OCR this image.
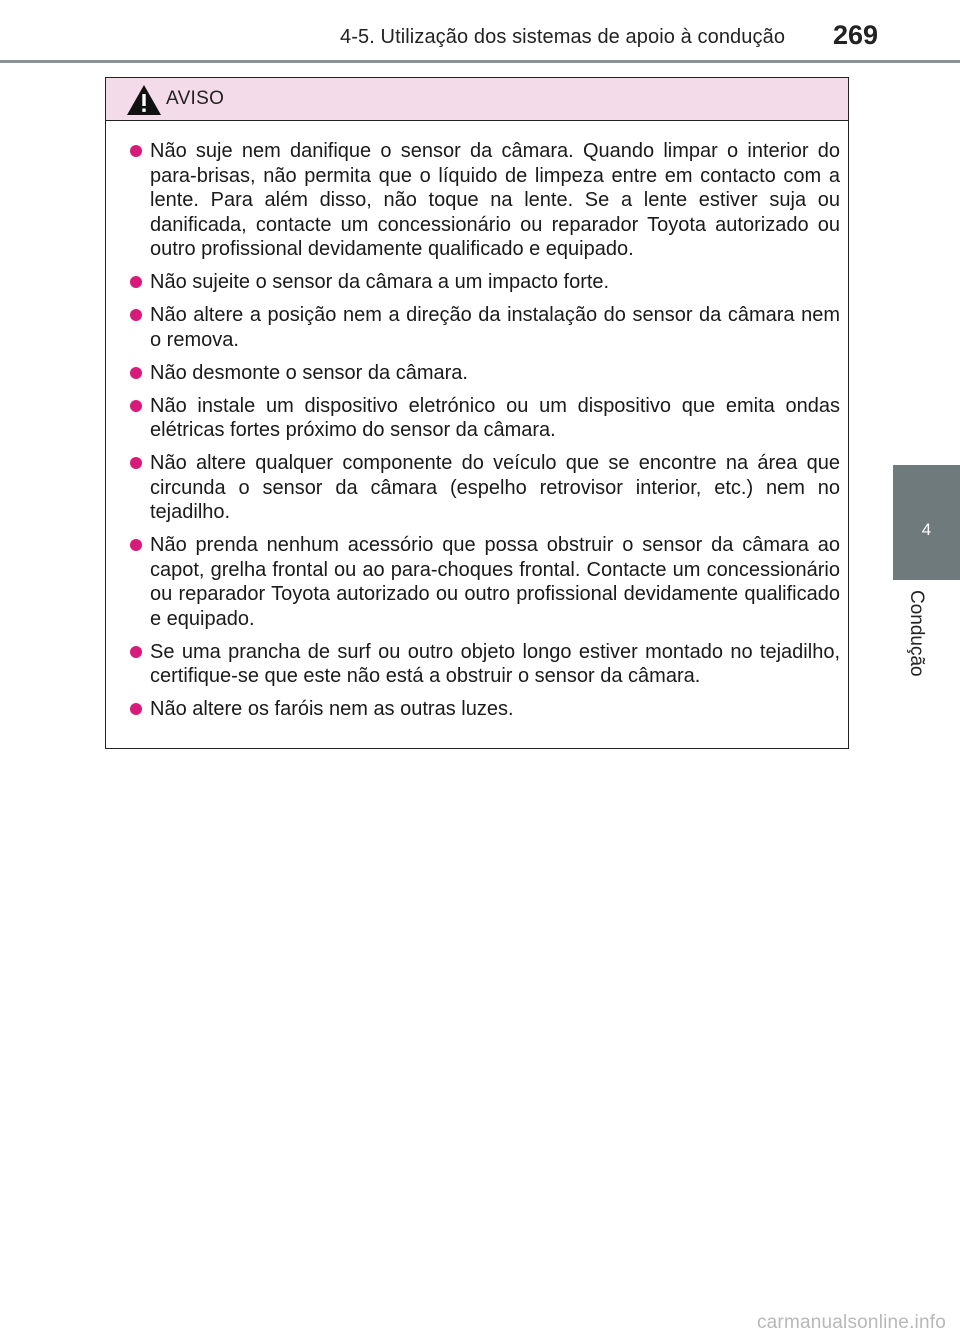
4-5. Utilização dos sistemas de apoio à condução 269
4
Condução
AVISO
Não suje nem danifique o sensor da câmara. Quando limpar o interior do para-brisas, não permita que o líquido de limpeza entre em contacto com a lente. Para além disso, não toque na lente. Se a lente estiver suja ou danificada, contacte um concessionário ou reparador Toyota autorizado ou outro profissional devidamente qualificado e equipado.
Não sujeite o sensor da câmara a um impacto forte.
Não altere a posição nem a direção da instalação do sensor da câmara nem o remova.
Não desmonte o sensor da câmara.
Não instale um dispositivo eletrónico ou um dispositivo que emita ondas elétricas fortes próximo do sensor da câmara.
Não altere qualquer componente do veículo que se encontre na área que circunda o sensor da câmara (espelho retrovisor interior, etc.) nem no tejadilho.
Não prenda nenhum acessório que possa obstruir o sensor da câmara ao capot, grelha frontal ou ao para-choques frontal. Contacte um concessionário ou reparador Toyota autorizado ou outro profissional devidamente qualificado e equipado.
Se uma prancha de surf ou outro objeto longo estiver montado no tejadilho, certifique-se que este não está a obstruir o sensor da câmara.
Não altere os faróis nem as outras luzes.
carmanualsonline.info
